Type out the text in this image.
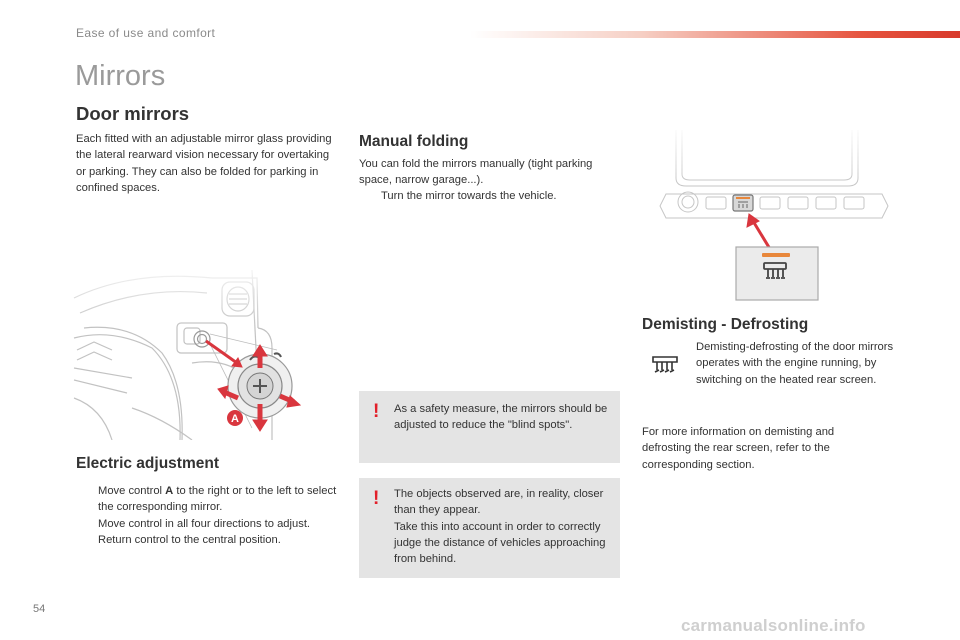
Ease of use and comfort
Mirrors
Door mirrors

Each fitted with an adjustable mirror glass providing the lateral rearward vision necessary for overtaking or parking. They can also be folded for parking in confined spaces.

Electric adjustment
Move control A to the right or to the left to select the corresponding mirror.
Move control in all four directions to adjust.
Return control to the central position.
Manual folding

You can fold the mirrors manually (tight parking space, narrow garage...).

Turn the mirror towards the vehicle.
! As a safety measure, the mirrors should be adjusted to reduce the "blind spots".

! The objects observed are, in reality, closer than they appear.
Take this into account in order to correctly judge the distance of vehicles approaching from behind.

Demisting - Defrosting

Demisting-defrosting of the door mirrors operates with the engine running, by switching on the heated rear screen.

For more information on demisting and defrosting the rear screen, refer to the corresponding section.

54
carmanualsonline.info
